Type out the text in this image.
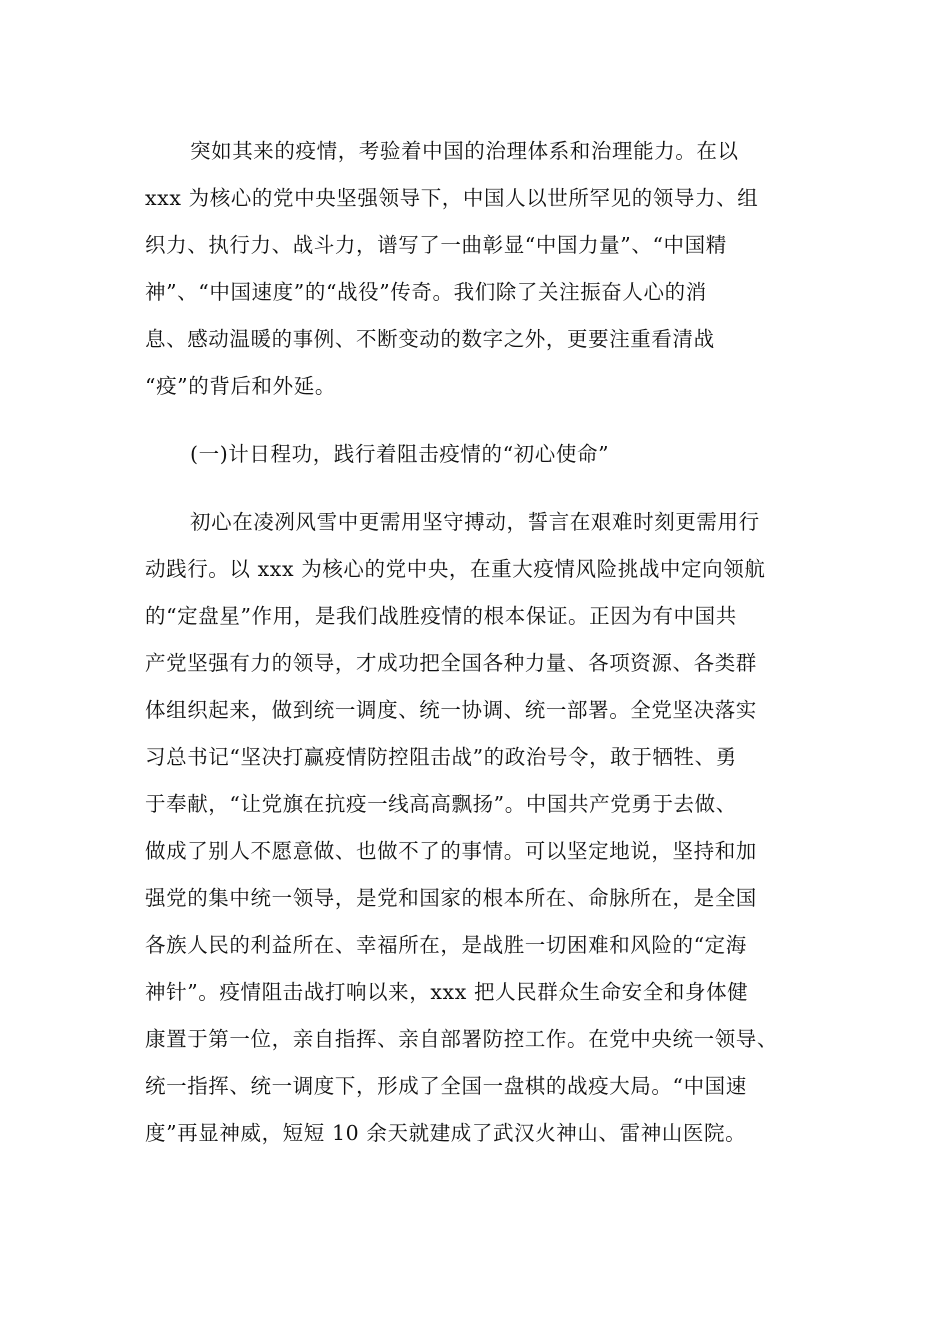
突如其来的疫情，考验着中国的治理体系和治理能力。在以
xxx 为核心的党中央坚强领导下，中国人以世所罕见的领导力、组
织力、执行力、战斗力，谱写了一曲彰显“中国力量”、“中国精
神”、“中国速度”的“战役”传奇。我们除了关注振奋人心的消
息、感动温暖的事例、不断变动的数字之外，更要注重看清战
“疫”的背后和外延。
(一)计日程功，践行着阻击疫情的“初心使命”
初心在凌冽风雪中更需用坚守搏动，誓言在艰难时刻更需用行
动践行。以 xxx 为核心的党中央，在重大疫情风险挑战中定向领航
的“定盘星”作用，是我们战胜疫情的根本保证。正因为有中国共
产党坚强有力的领导，才成功把全国各种力量、各项资源、各类群
体组织起来，做到统一调度、统一协调、统一部署。全党坚决落实
习总书记“坚决打赢疫情防控阻击战”的政治号令，敢于牺牲、勇
于奉献，“让党旗在抗疫一线高高飘扬”。中国共产党勇于去做、
做成了别人不愿意做、也做不了的事情。可以坚定地说，坚持和加
强党的集中统一领导，是党和国家的根本所在、命脉所在，是全国
各族人民的利益所在、幸福所在，是战胜一切困难和风险的“定海
神针”。疫情阻击战打响以来，xxx 把人民群众生命安全和身体健
康置于第一位，亲自指挥、亲自部署防控工作。在党中央统一领导、
统一指挥、统一调度下，形成了全国一盘棋的战疫大局。“中国速
度”再显神威，短短 10 余天就建成了武汉火神山、雷神山医院。
